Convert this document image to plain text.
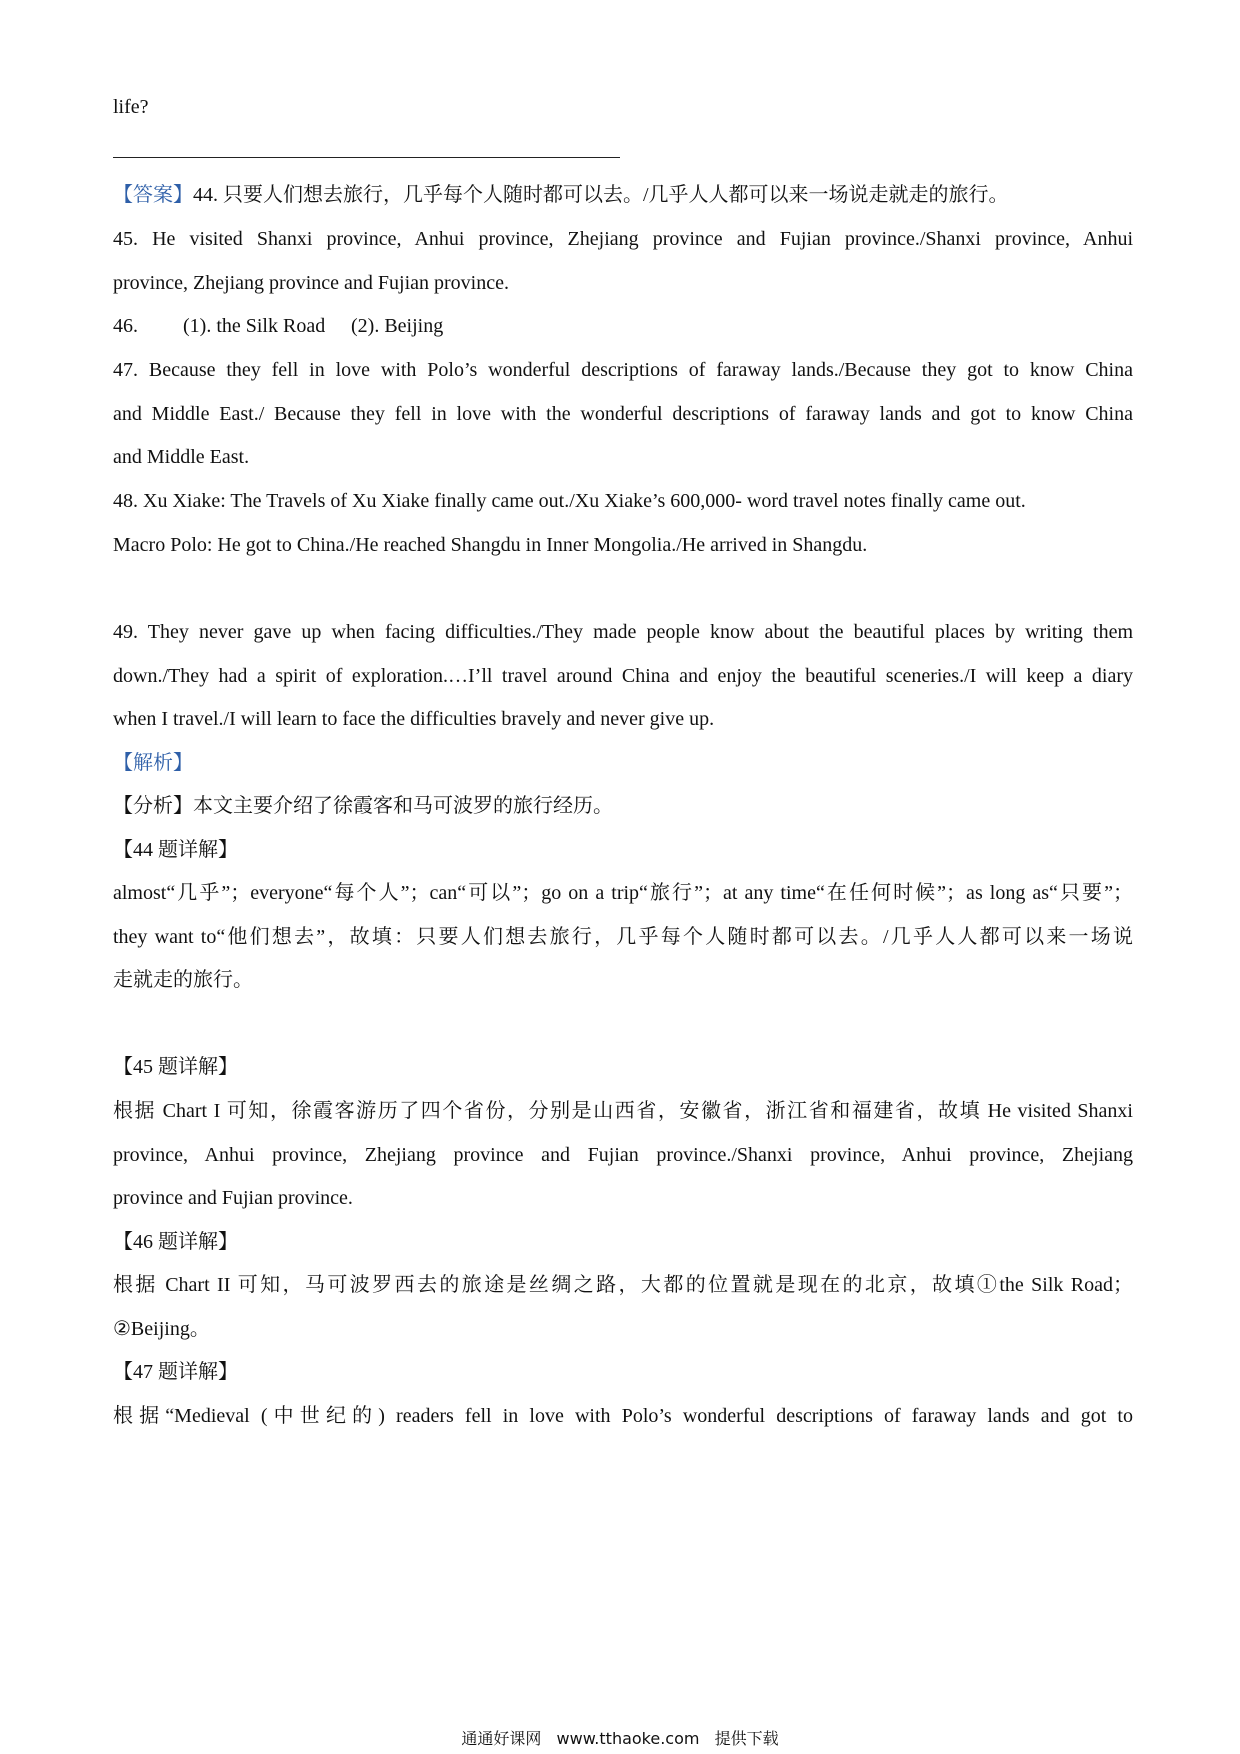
life?
【答案】44. 只要人们想去旅行，几乎每个人随时都可以去。/几乎人人都可以来一场说走就走的旅行。
45. He visited Shanxi province, Anhui province, Zhejiang province and Fujian province./Shanxi province, Anhui
province, Zhejiang province and Fujian province.
46. (1). the Silk Road (2). Beijing
47. Because they fell in love with Polo’s wonderful descriptions of faraway lands./Because they got to know China
and Middle East./ Because they fell in love with the wonderful descriptions of faraway lands and got to know China
and Middle East.
48. Xu Xiake: The Travels of Xu Xiake finally came out./Xu Xiake’s 600,000- word travel notes finally came out.
Macro Polo: He got to China./He reached Shangdu in Inner Mongolia./He arrived in Shangdu.
49. They never gave up when facing difficulties./They made people know about the beautiful places by writing them
down./They had a spirit of exploration.…I’ll travel around China and enjoy the beautiful sceneries./I will keep a diary
when I travel./I will learn to face the difficulties bravely and never give up.
【解析】
【分析】本文主要介绍了徐霞客和马可波罗的旅行经历。
【44 题详解】
almost“几乎”；everyone“每个人”；can“可以”；go on a trip“旅行”；at any time“在任何时候”；as long as“只要”；
they want to“他们想去”，故填：只要人们想去旅行，几乎每个人随时都可以去。/几乎人人都可以来一场说
走就走的旅行。
【45 题详解】
根据 Chart I 可知，徐霞客游历了四个省份，分别是山西省，安徽省，浙江省和福建省，故填 He visited Shanxi
province, Anhui province, Zhejiang province and Fujian province./Shanxi province, Anhui province, Zhejiang
province and Fujian province.
【46 题详解】
根据 Chart II 可知，马可波罗西去的旅途是丝绸之路，大都的位置就是现在的北京，故填①the Silk Road；
②Beijing。
【47 题详解】
根据“Medieval (中世纪的) readers fell in love with Polo’s wonderful descriptions of faraway lands and got to
通通好课网 www.tthaoke.com 提供下载
